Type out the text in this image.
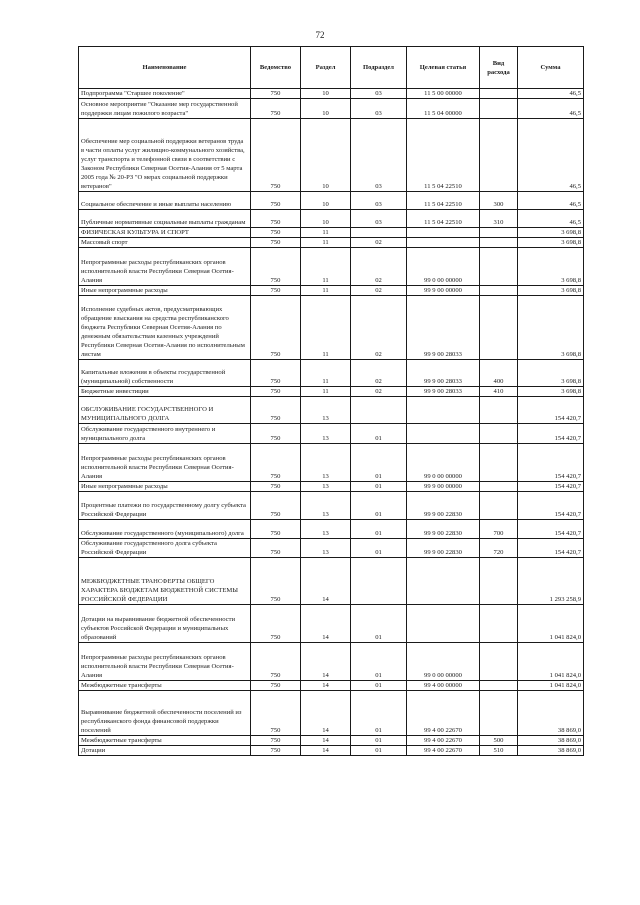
72
Наименование	Ведомство	Раздел	Подраздел	Целевая статья	Вид расхода	Сумма
Подпрограмма "Старшее поколение"	750	10	03	11 5 00 00000		46,5
Основное мероприятие "Оказание мер государственной поддержки лицам пожилого возраста"	750	10	03	11 5 04 00000		46,5
Обеспечение мер социальной поддержки ветеранов труда в части оплаты услуг жилищно-коммунального хозяйства, услуг транспорта и телефонной связи в соответствии с Законом Республики Северная Осетия-Алания от 5 марта 2005 года № 20-РЗ "О мерах социальной поддержки ветеранов"	750	10	03	11 5 04 22510		46,5
Социальное обеспечение и иные выплаты населению	750	10	03	11 5 04 22510	300	46,5
Публичные нормативные социальные выплаты гражданам	750	10	03	11 5 04 22510	310	46,5
ФИЗИЧЕСКАЯ КУЛЬТУРА И СПОРТ	750	11				3 698,8
Массовый спорт	750	11	02			3 698,8
Непрограммные расходы республиканских органов исполнительной власти Республики Северная Осетия-Алания	750	11	02	99 0 00 00000		3 698,8
Иные непрограммные расходы	750	11	02	99 9 00 00000		3 698,8
Исполнение судебных актов, предусматривающих обращение взыскания на средства республиканского бюджета Республики Северная Осетия-Алания по денежным обязательствам казенных учреждений Республики Северная Осетия-Алания по исполнительным листам	750	11	02	99 9 00 28033		3 698,8
Капитальные вложения в объекты государственной (муниципальной) собственности	750	11	02	99 9 00 28033	400	3 698,8
Бюджетные инвестиции	750	11	02	99 9 00 28033	410	3 698,8
ОБСЛУЖИВАНИЕ ГОСУДАРСТВЕННОГО И МУНИЦИПАЛЬНОГО ДОЛГА	750	13				154 420,7
Обслуживание государственного внутреннего и муниципального долга	750	13	01			154 420,7
Непрограммные расходы республиканских органов исполнительной власти Республики Северная Осетия-Алания	750	13	01	99 0 00 00000		154 420,7
Иные непрограммные расходы	750	13	01	99 9 00 00000		154 420,7
Процентные платежи по государственному долгу субъекта Российской Федерации	750	13	01	99 9 00 22830		154 420,7
Обслуживание государственного (муниципального) долга	750	13	01	99 9 00 22830	700	154 420,7
Обслуживание государственного долга субъекта Российской Федерации	750	13	01	99 9 00 22830	720	154 420,7
МЕЖБЮДЖЕТНЫЕ ТРАНСФЕРТЫ ОБЩЕГО ХАРАКТЕРА БЮДЖЕТАМ БЮДЖЕТНОЙ СИСТЕМЫ РОССИЙСКОЙ ФЕДЕРАЦИИ	750	14				1 293 258,9
Дотации на выравнивание бюджетной обеспеченности субъектов Российской Федерации и муниципальных образований	750	14	01			1 041 824,0
Непрограммные расходы республиканских органов исполнительной власти Республики Северная Осетия-Алания	750	14	01	99 0 00 00000		1 041 824,0
Межбюджетные трансферты	750	14	01	99 4 00 00000		1 041 824,0
Выравнивание бюджетной обеспеченности поселений из республиканского фонда финансовой поддержки поселений	750	14	01	99 4 00 22670		38 869,0
Межбюджетные трансферты	750	14	01	99 4 00 22670	500	38 869,0
Дотации	750	14	01	99 4 00 22670	510	38 869,0
